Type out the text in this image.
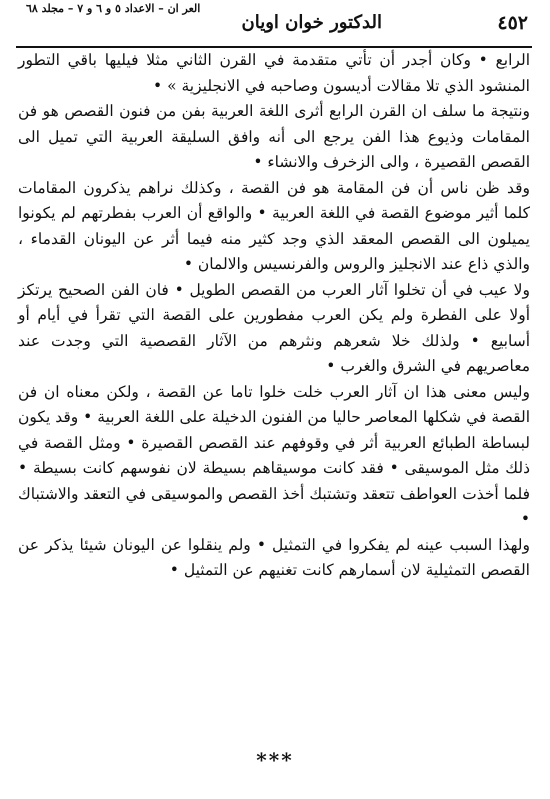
٤٥٢
الدكتور خوان اويان
العر ان – الاعداد ٥ و ٦ و ٧ – مجلد ٦٨

الرابع • وكان أجدر أن تأتي متقدمة في القرن الثاني مثلا فيليها باقي التطور المنشود الذي تلا مقالات أديسون وصاحبه في الانجليزية » •

ونتيجة ما سلف ان القرن الرابع أثرى اللغة العربية بفن من فنون القصص هو فن المقامات وذيوع هذا الفن يرجع الى أنه وافق السليقة العربية التي تميل الى القصص القصيرة ، والى الزخرف والانشاء •

وقد ظن ناس أن فن المقامة هو فن القصة ، وكذلك نراهم يذكرون المقامات كلما أثير موضوع القصة في اللغة العربية • والواقع أن العرب بفطرتهم لم يكونوا يميلون الى القصص المعقد الذي وجد كثير منه فيما أثر عن اليونان القدماء ، والذي ذاع عند الانجليز والروس والفرنسيس والالمان •

ولا عيب في أن تخلوا آثار العرب من القصص الطويل • فان الفن الصحيح يرتكز أولا على الفطرة ولم يكن العرب مفطورين على القصة التي تقرأ في أيام أو أسابيع • ولذلك خلا شعرهم ونثرهم من الآثار القصصية التي وجدت عند معاصريهم في الشرق والغرب •

وليس معنى هذا ان آثار العرب خلت خلوا تاما عن القصة ، ولكن معناه ان فن القصة في شكلها المعاصر حاليا من الفنون الدخيلة على اللغة العربية • وقد يكون لبساطة الطبائع العربية أثر في وقوفهم عند القصص القصيرة • ومثل القصة في ذلك مثل الموسيقى • فقد كانت موسيقاهم بسيطة لان نفوسهم كانت بسيطة • فلما أخذت العواطف تتعقد وتشتبك أخذ القصص والموسيقى في التعقد والاشتباك •

ولهذا السبب عينه لم يفكروا في التمثيل • ولم ينقلوا عن اليونان شيئا يذكر عن القصص التمثيلية لان أسمارهم كانت تغنيهم عن التمثيل •

***
